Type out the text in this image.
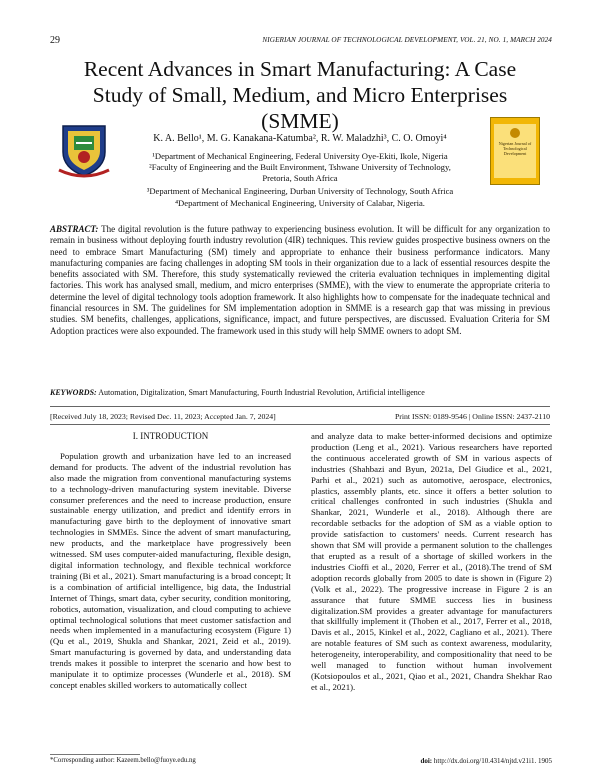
29	NIGERIAN JOURNAL OF TECHNOLOGICAL DEVELOPMENT, VOL. 21, NO. 1, MARCH 2024
Recent Advances in Smart Manufacturing: A Case Study of Small, Medium, and Micro Enterprises (SMME)
Nigerian Journal of Technological Development
K. A. Bello¹, M. G. Kanakana-Katumba², R. W. Maladzhi³, C. O. Omoyi⁴
¹Department of Mechanical Engineering, Federal University Oye-Ekiti, Ikole, Nigeria
²Faculty of Engineering and the Built Environment, Tshwane University of Technology,
Pretoria, South Africa
³Department of Mechanical Engineering, Durban University of Technology, South Africa
⁴Department of Mechanical Engineering, University of Calabar, Nigeria.
ABSTRACT: The digital revolution is the future pathway to experiencing business evolution. It will be difficult for any organization to remain in business without deploying fourth industry revolution (4IR) techniques. This review guides prospective business owners on the need to embrace Smart Manufacturing (SM) timely and appropriate to enhance their business performance indicators. Many manufacturing companies are facing challenges in adopting SM tools in their organization due to a lack of essential resources despite the benefits associated with SM. Therefore, this study systematically reviewed the criteria evaluation techniques in implementing digital factories. This work has analysed small, medium, and micro enterprises (SMME), with the view to enumerate the appropriate criteria to determine the level of digital technology tools adoption framework. It also highlights how to compensate for the inadequate technical and financial resources in SM. The guidelines for SM implementation adoption in SMME is a research gap that was missing in previous studies. SM benefits, challenges, applications, significance, impact, and future perspectives, are discussed. Evaluation Criteria for SM Adoption practices were also expounded. The framework used in this study will help SMME owners to adopt SM.
KEYWORDS: Automation, Digitalization, Smart Manufacturing, Fourth Industrial Revolution, Artificial intelligence
[Received July 18, 2023; Revised Dec. 11, 2023; Accepted Jan. 7, 2024]	Print ISSN: 0189-9546 | Online ISSN: 2437-2110
I. INTRODUCTION
Population growth and urbanization have led to an increased demand for products. The advent of the industrial revolution has also made the migration from conventional manufacturing systems to a technology-driven manufacturing system inevitable. Diverse consumer preferences and the need to increase production, ensure sustainable energy utilization, and predict and identify errors in manufacturing gave birth to the deployment of innovative smart technologies in SMMEs. Since the advent of smart manufacturing, new products, and the marketplace have progressively been witnessed. SM uses computer-aided manufacturing, flexible design, digital information technology, and flexible technical workforce training (Bi et al., 2021). Smart manufacturing is a broad concept; It is a combination of artificial intelligence, big data, the Industrial Internet of Things, smart data, cyber security, condition monitoring, robotics, automation, visualization, and cloud computing to achieve optimal technological solutions that meet customer satisfaction and needs when implemented in a manufacturing ecosystem (Figure 1) (Qu et al., 2019, Shukla and Shankar, 2021, Zeid et al., 2019). Smart manufacturing is governed by data, and understanding data trends makes it possible to interpret the scenario and how best to manipulate it to optimize processes (Wunderle et al., 2018). SM concept enables skilled workers to automatically collect
and analyze data to make better-informed decisions and optimize production (Leng et al., 2021). Various researchers have reported the continuous accelerated growth of SM in various aspects of industries (Shahbazi and Byun, 2021a, Del Giudice et al., 2021, Parhi et al., 2021) such as automotive, aerospace, electronics, plastics, assembly plants, etc. since it offers a better solution to critical challenges confronted in such industries (Shukla and Shankar, 2021, Wunderle et al., 2018). Although there are recordable setbacks for the adoption of SM as a viable option to provide satisfaction to customers' needs. Current research has shown that SM will provide a permanent solution to the challenges that erupted as a result of a shortage of skilled workers in the industries Cioffi et al., 2020, Ferrer et al., (2018).The trend of SM adoption records globally from 2005 to date is shown in (Figure 2) (Volk et al., 2022). The progressive increase in Figure 2 is an assurance that future SMME success lies in business digitalization.SM provides a greater advantage for manufacturers that skillfully implement it (Thoben et al., 2017, Ferrer et al., 2018, Davis et al., 2015, Kinkel et al., 2022, Cagliano et al., 2021). There are notable features of SM such as context awareness, modularity, heterogeneity, interoperability, and compositionality that need to be well managed to function without human involvement (Kotsiopoulos et al., 2021, Qiao et al., 2021, Chandra Shekhar Rao et al., 2021).
*Corresponding author: Kazeem.bello@fuoye.edu.ng	doi: http://dx.doi.org/10.4314/njtd.v21i1. 1905
